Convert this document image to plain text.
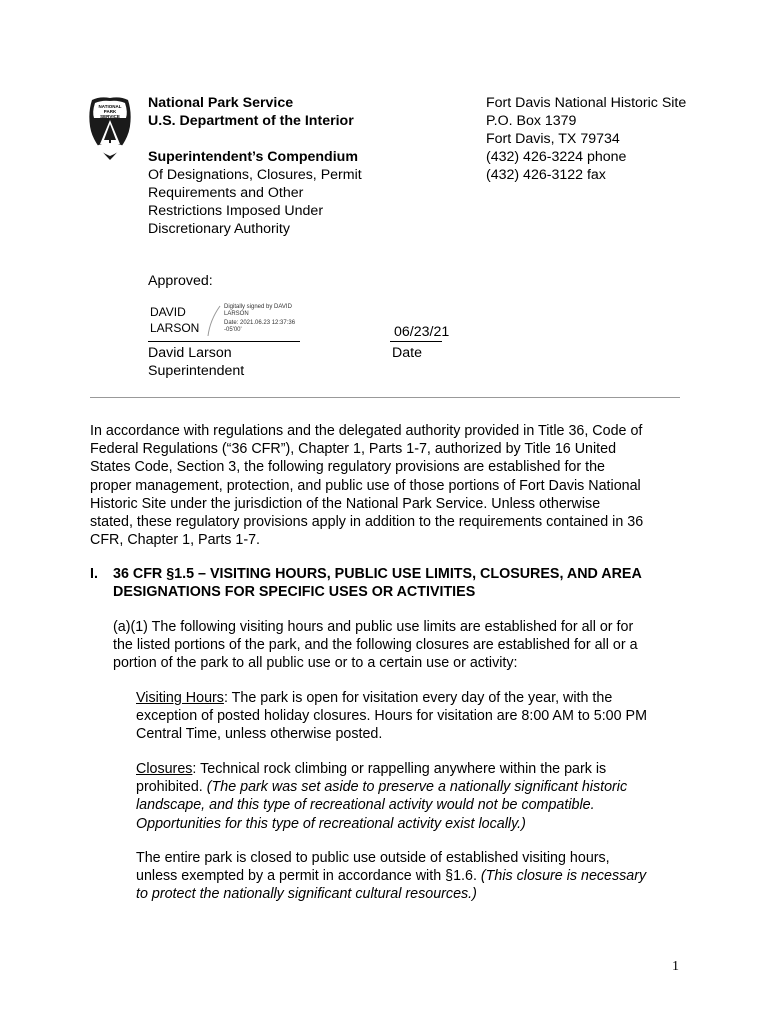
NATIONAL
PARK
SERVICE
National Park Service
U.S. Department of the Interior
Superintendent’s Compendium
Of Designations, Closures, Permit
Requirements and Other
Restrictions Imposed Under
Discretionary Authority
Fort Davis National Historic Site
P.O. Box 1379
Fort Davis, TX 79734
(432) 426-3224 phone
(432) 426-3122 fax
Approved:
DAVID
LARSON
Digitally signed by DAVID
LARSON
Date: 2021.06.23 12:37:36
-05'00'	06/23/21
David Larson
Superintendent
Date
In accordance with regulations and the delegated authority provided in Title 36, Code of
Federal Regulations (“36 CFR”), Chapter 1, Parts 1-7, authorized by Title 16 United
States Code, Section 3, the following regulatory provisions are established for the
proper management, protection, and public use of those portions of Fort Davis National
Historic Site under the jurisdiction of the National Park Service. Unless otherwise
stated, these regulatory provisions apply in addition to the requirements contained in 36
CFR, Chapter 1, Parts 1-7.
I. 36 CFR §1.5 – VISITING HOURS, PUBLIC USE LIMITS, CLOSURES, AND AREA
DESIGNATIONS FOR SPECIFIC USES OR ACTIVITIES
(a)(1) The following visiting hours and public use limits are established for all or for
the listed portions of the park, and the following closures are established for all or a
portion of the park to all public use or to a certain use or activity:
Visiting Hours: The park is open for visitation every day of the year, with the
exception of posted holiday closures. Hours for visitation are 8:00 AM to 5:00 PM
Central Time, unless otherwise posted.
Closures: Technical rock climbing or rappelling anywhere within the park is
prohibited. (The park was set aside to preserve a nationally significant historic
landscape, and this type of recreational activity would not be compatible.
Opportunities for this type of recreational activity exist locally.)
The entire park is closed to public use outside of established visiting hours,
unless exempted by a permit in accordance with §1.6. (This closure is necessary
to protect the nationally significant cultural resources.)
1
